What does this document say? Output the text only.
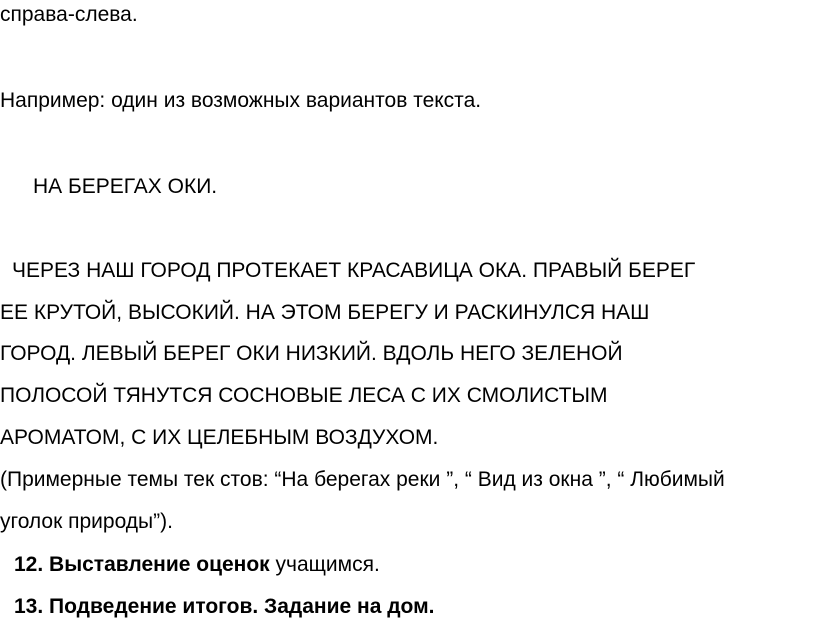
справа-слева.
Например: один из возможных вариантов текста.
НА БЕРЕГАХ ОКИ.
ЧЕРЕЗ НАШ ГОРОД ПРОТЕКАЕТ КРАСАВИЦА ОКА. ПРАВЫЙ БЕРЕГ
ЕЕ КРУТОЙ, ВЫСОКИЙ. НА ЭТОМ БЕРЕГУ И РАСКИНУЛСЯ НАШ
ГОРОД. ЛЕВЫЙ БЕРЕГ ОКИ НИЗКИЙ. ВДОЛЬ НЕГО ЗЕЛЕНОЙ
ПОЛОСОЙ ТЯНУТСЯ СОСНОВЫЕ ЛЕСА С ИХ СМОЛИСТЫМ
АРОМАТОМ, С ИХ ЦЕЛЕБНЫМ ВОЗДУХОМ.
(Примерные темы тек стов: “На берегах реки ”, “ Вид из окна ”, “ Любимый
уголок природы”).
12. Выставление оценок учащимся.
13. Подведение итогов. Задание на дом.
